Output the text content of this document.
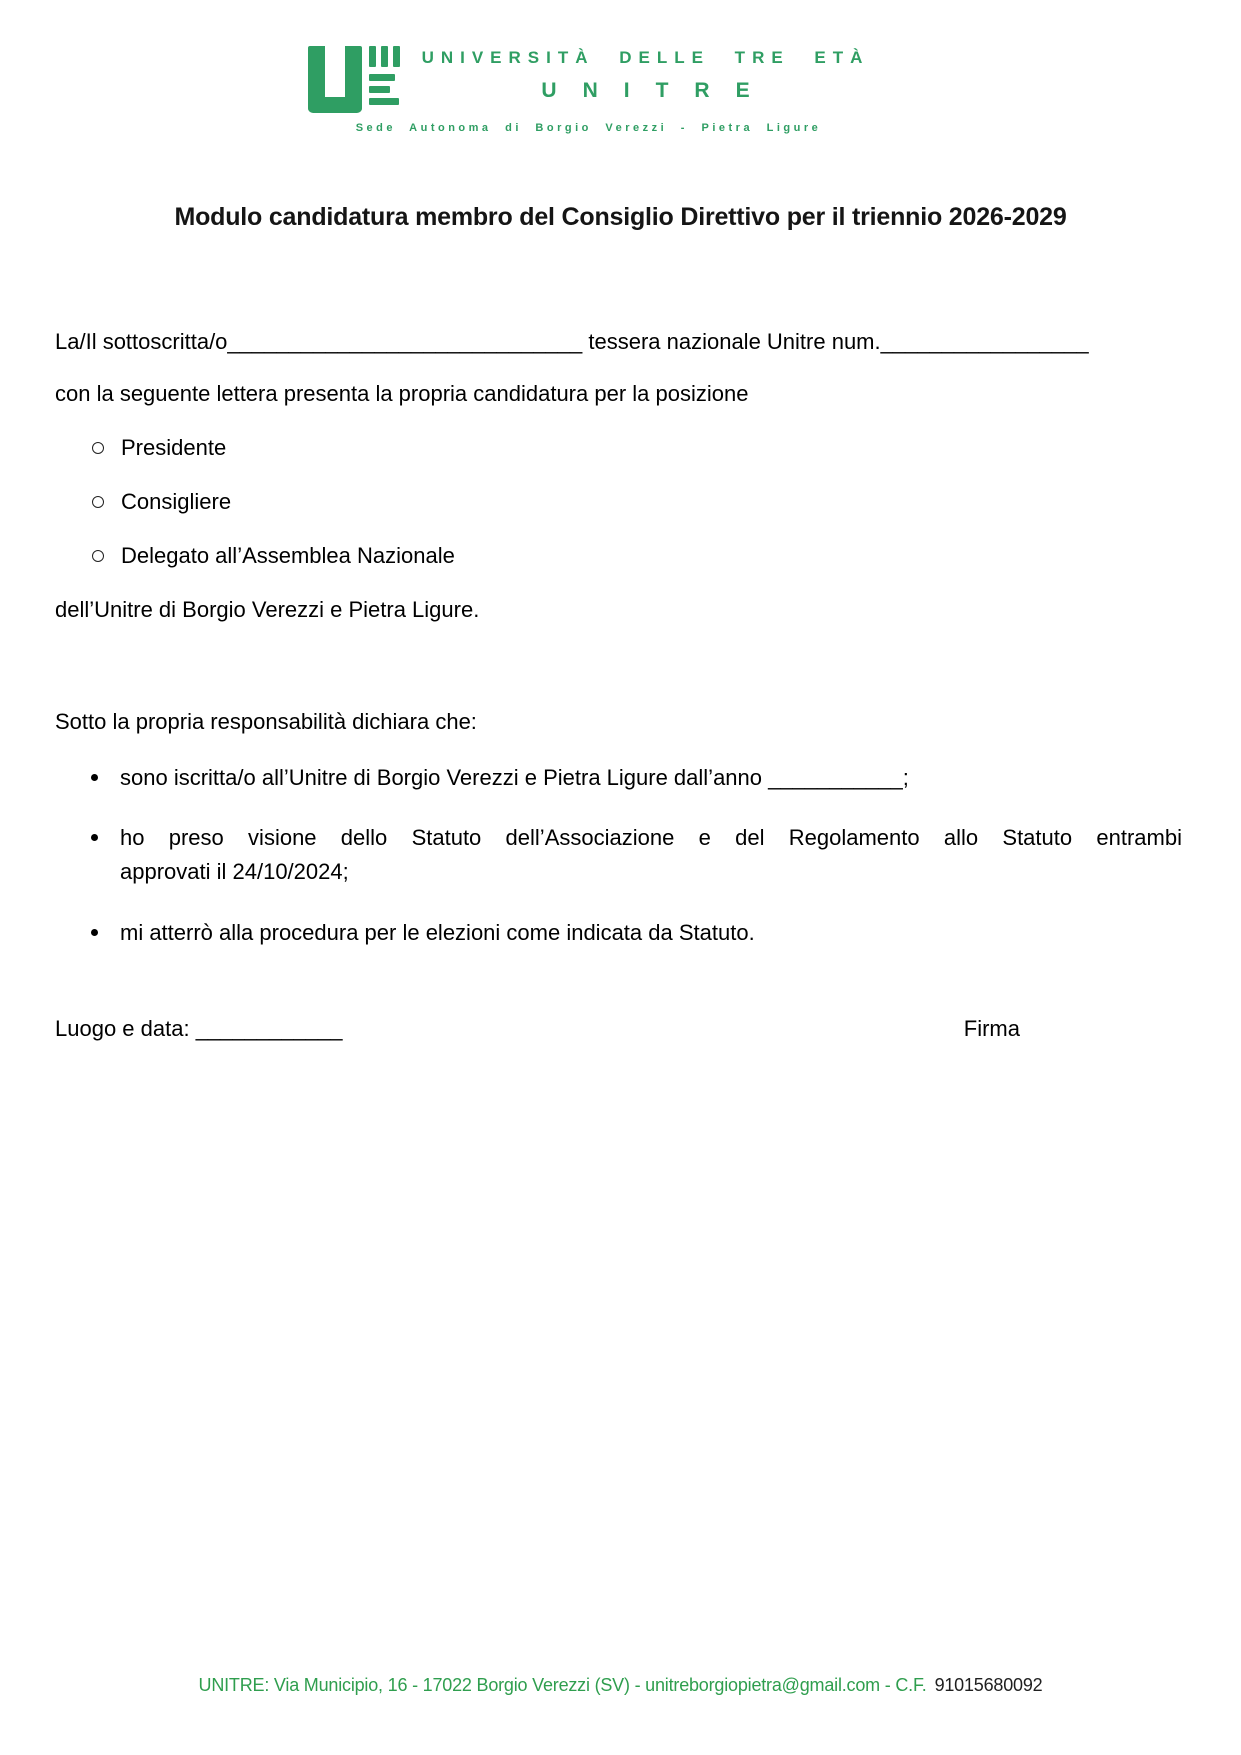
UNIVERSITÀ DELLE TRE ETÀ
UNITRE
Sede Autonoma di Borgio Verezzi - Pietra Ligure
Modulo candidatura membro del Consiglio Direttivo per il triennio 2026-2029
La/Il sottoscritta/o_____________________________ tessera nazionale Unitre num._________________
con la seguente lettera presenta la propria candidatura per la posizione
Presidente
Consigliere
Delegato all’Assemblea Nazionale
dell’Unitre di Borgio Verezzi e Pietra Ligure.
Sotto la propria responsabilità dichiara che:
sono iscritta/o all’Unitre di Borgio Verezzi e Pietra Ligure dall’anno ___________;
ho preso visione dello Statuto dell’Associazione e del Regolamento allo Statuto entrambi
approvati il 24/10/2024;
mi atterrò alla procedura per le elezioni come indicata da Statuto.
Luogo e data: ____________	Firma
UNITRE: Via Municipio, 16 - 17022 Borgio Verezzi (SV) - unitreborgiopietra@gmail.com - C.F. 91015680092
